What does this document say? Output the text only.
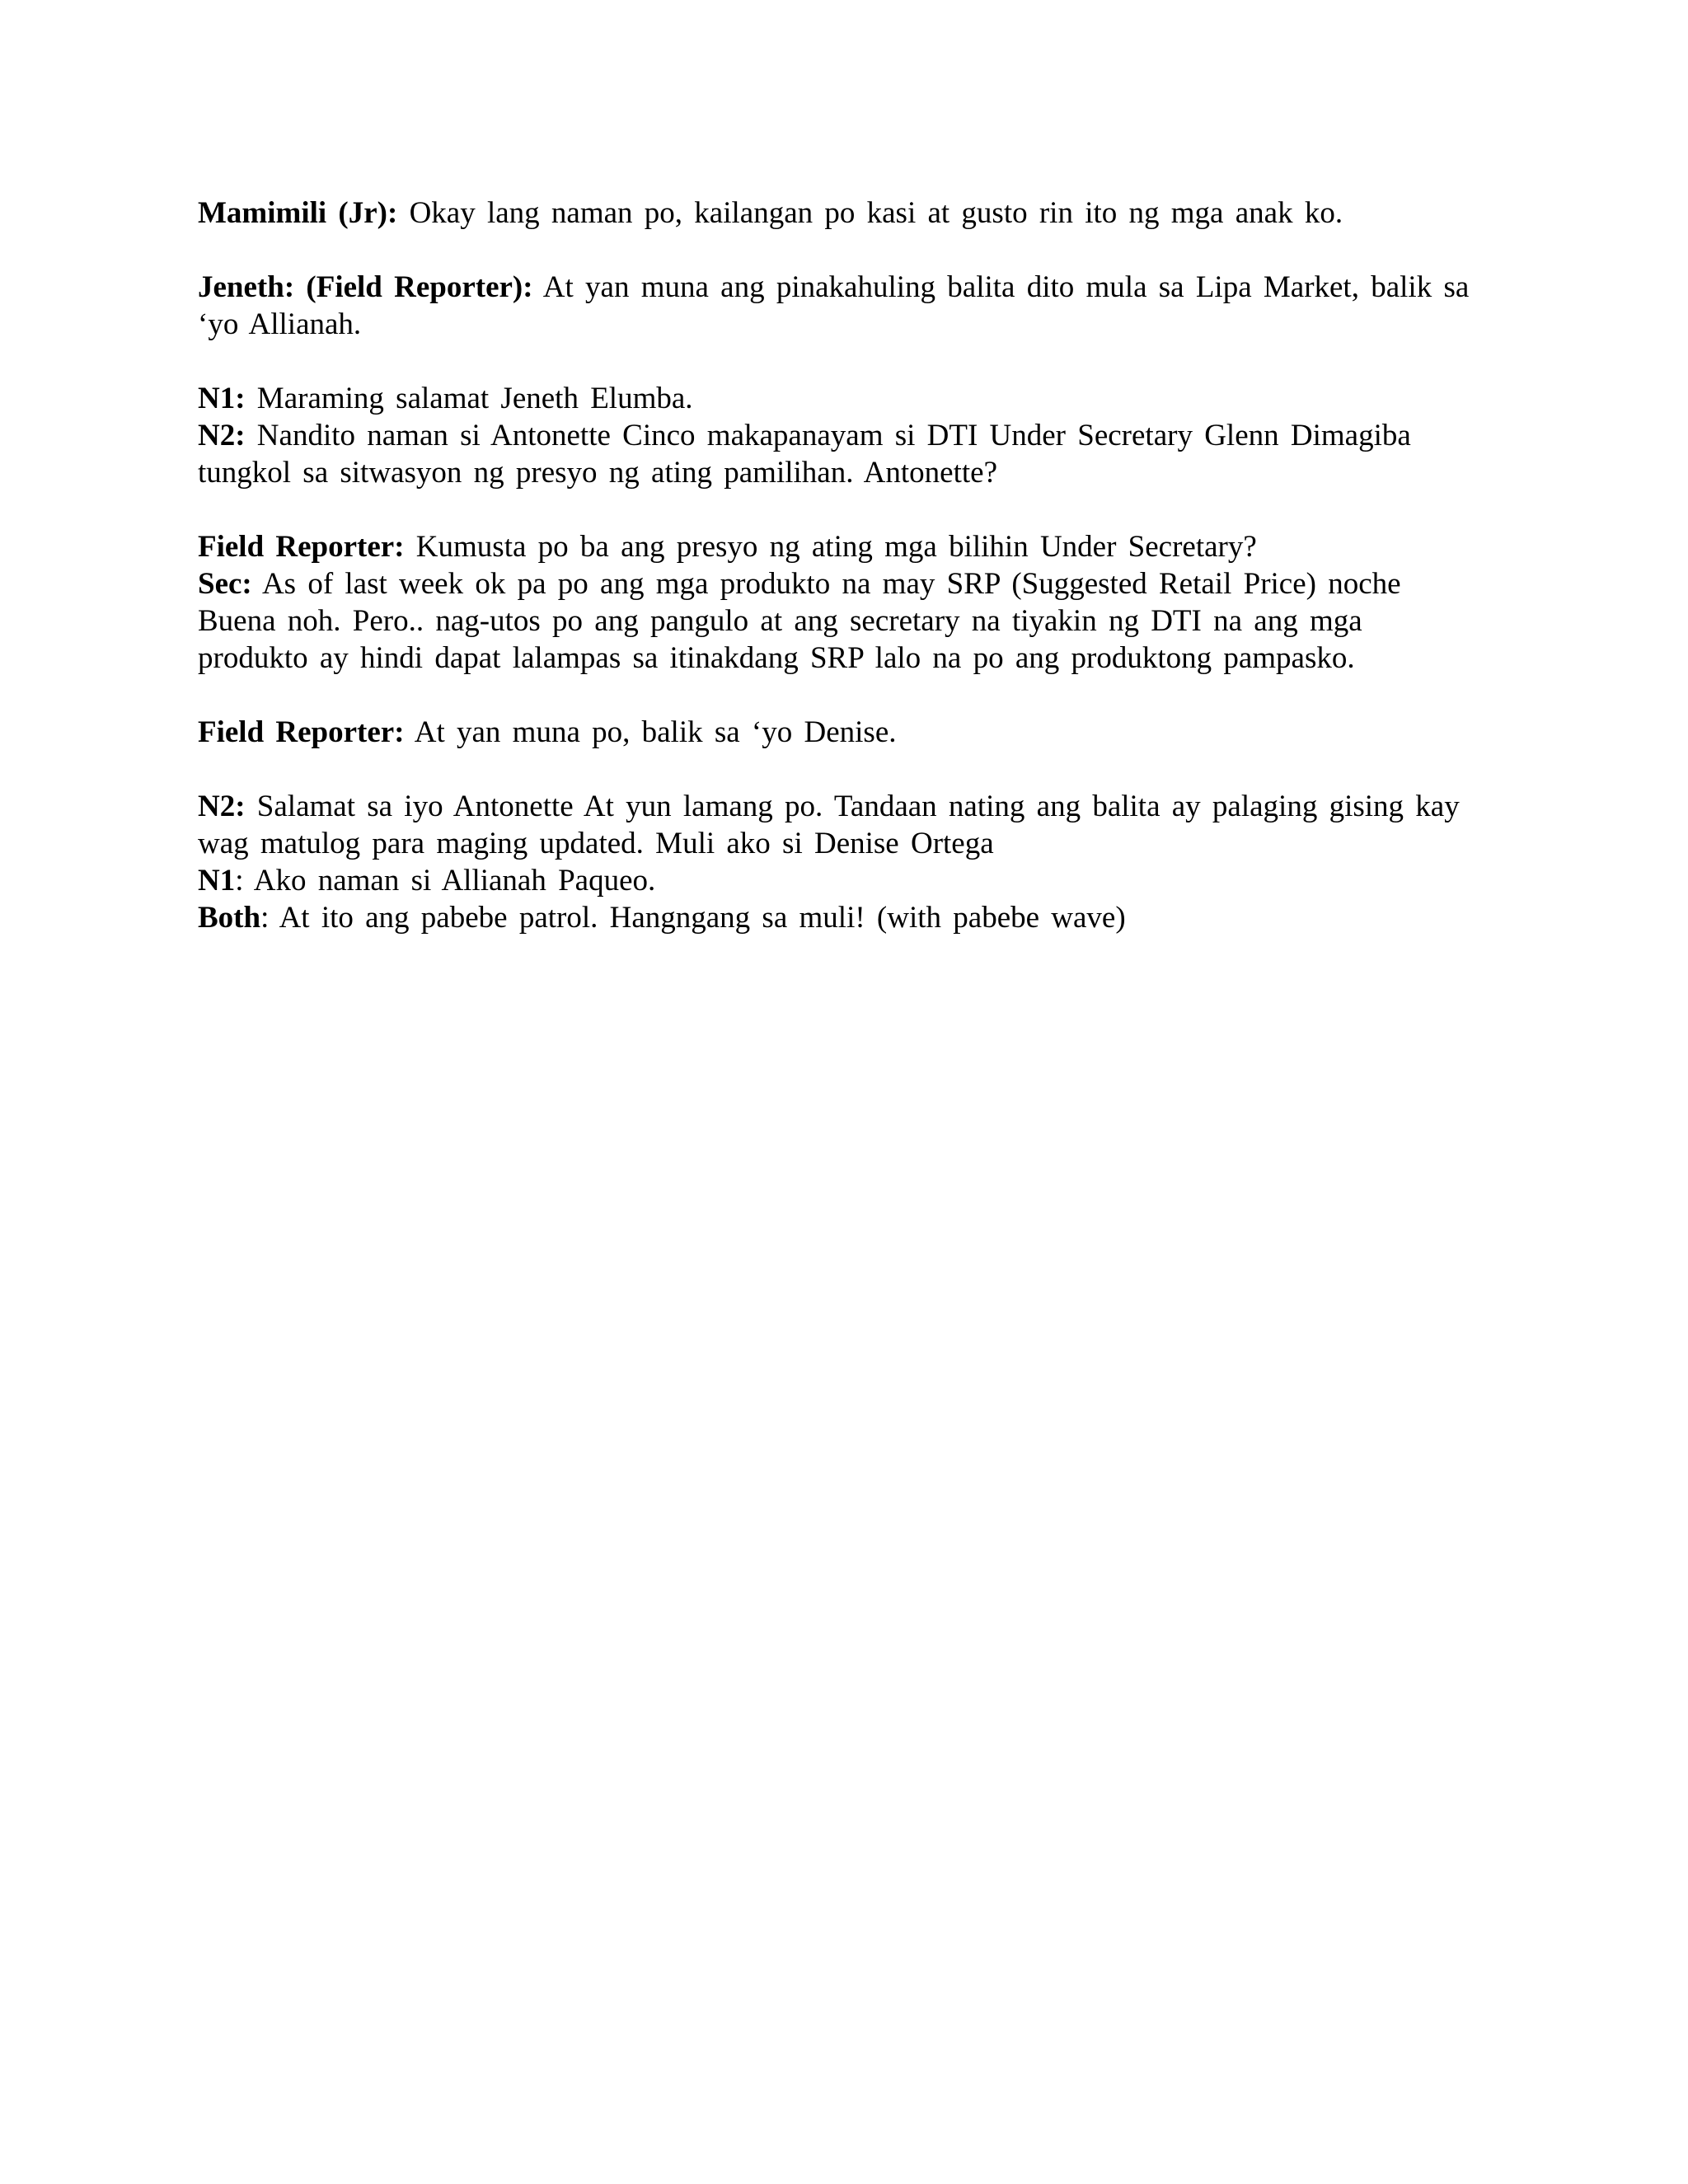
Mamimili (Jr): Okay lang naman po, kailangan po kasi at gusto rin ito ng mga anak ko.

Jeneth: (Field Reporter): At yan muna ang pinakahuling balita dito mula sa Lipa Market, balik sa ‘yo Allianah.

N1: Maraming salamat Jeneth Elumba.

N2: Nandito naman si Antonette Cinco makapanayam si DTI Under Secretary Glenn Dimagiba tungkol sa sitwasyon ng presyo ng ating pamilihan. Antonette?

Field Reporter: Kumusta po ba ang presyo ng ating mga bilihin Under Secretary?

Sec: As of last week ok pa po ang mga produkto na may SRP (Suggested Retail Price) noche Buena noh. Pero.. nag-utos po ang pangulo at ang secretary na tiyakin ng DTI na ang mga produkto ay hindi dapat lalampas sa itinakdang SRP lalo na po ang produktong pampasko.

Field Reporter: At yan muna po, balik sa ‘yo Denise.

N2: Salamat sa iyo Antonette At yun lamang po. Tandaan nating ang balita ay palaging gising kay wag matulog para maging updated. Muli ako si Denise Ortega

N1: Ako naman si Allianah Paqueo.

Both: At ito ang pabebe patrol. Hangngang sa muli! (with pabebe wave)
